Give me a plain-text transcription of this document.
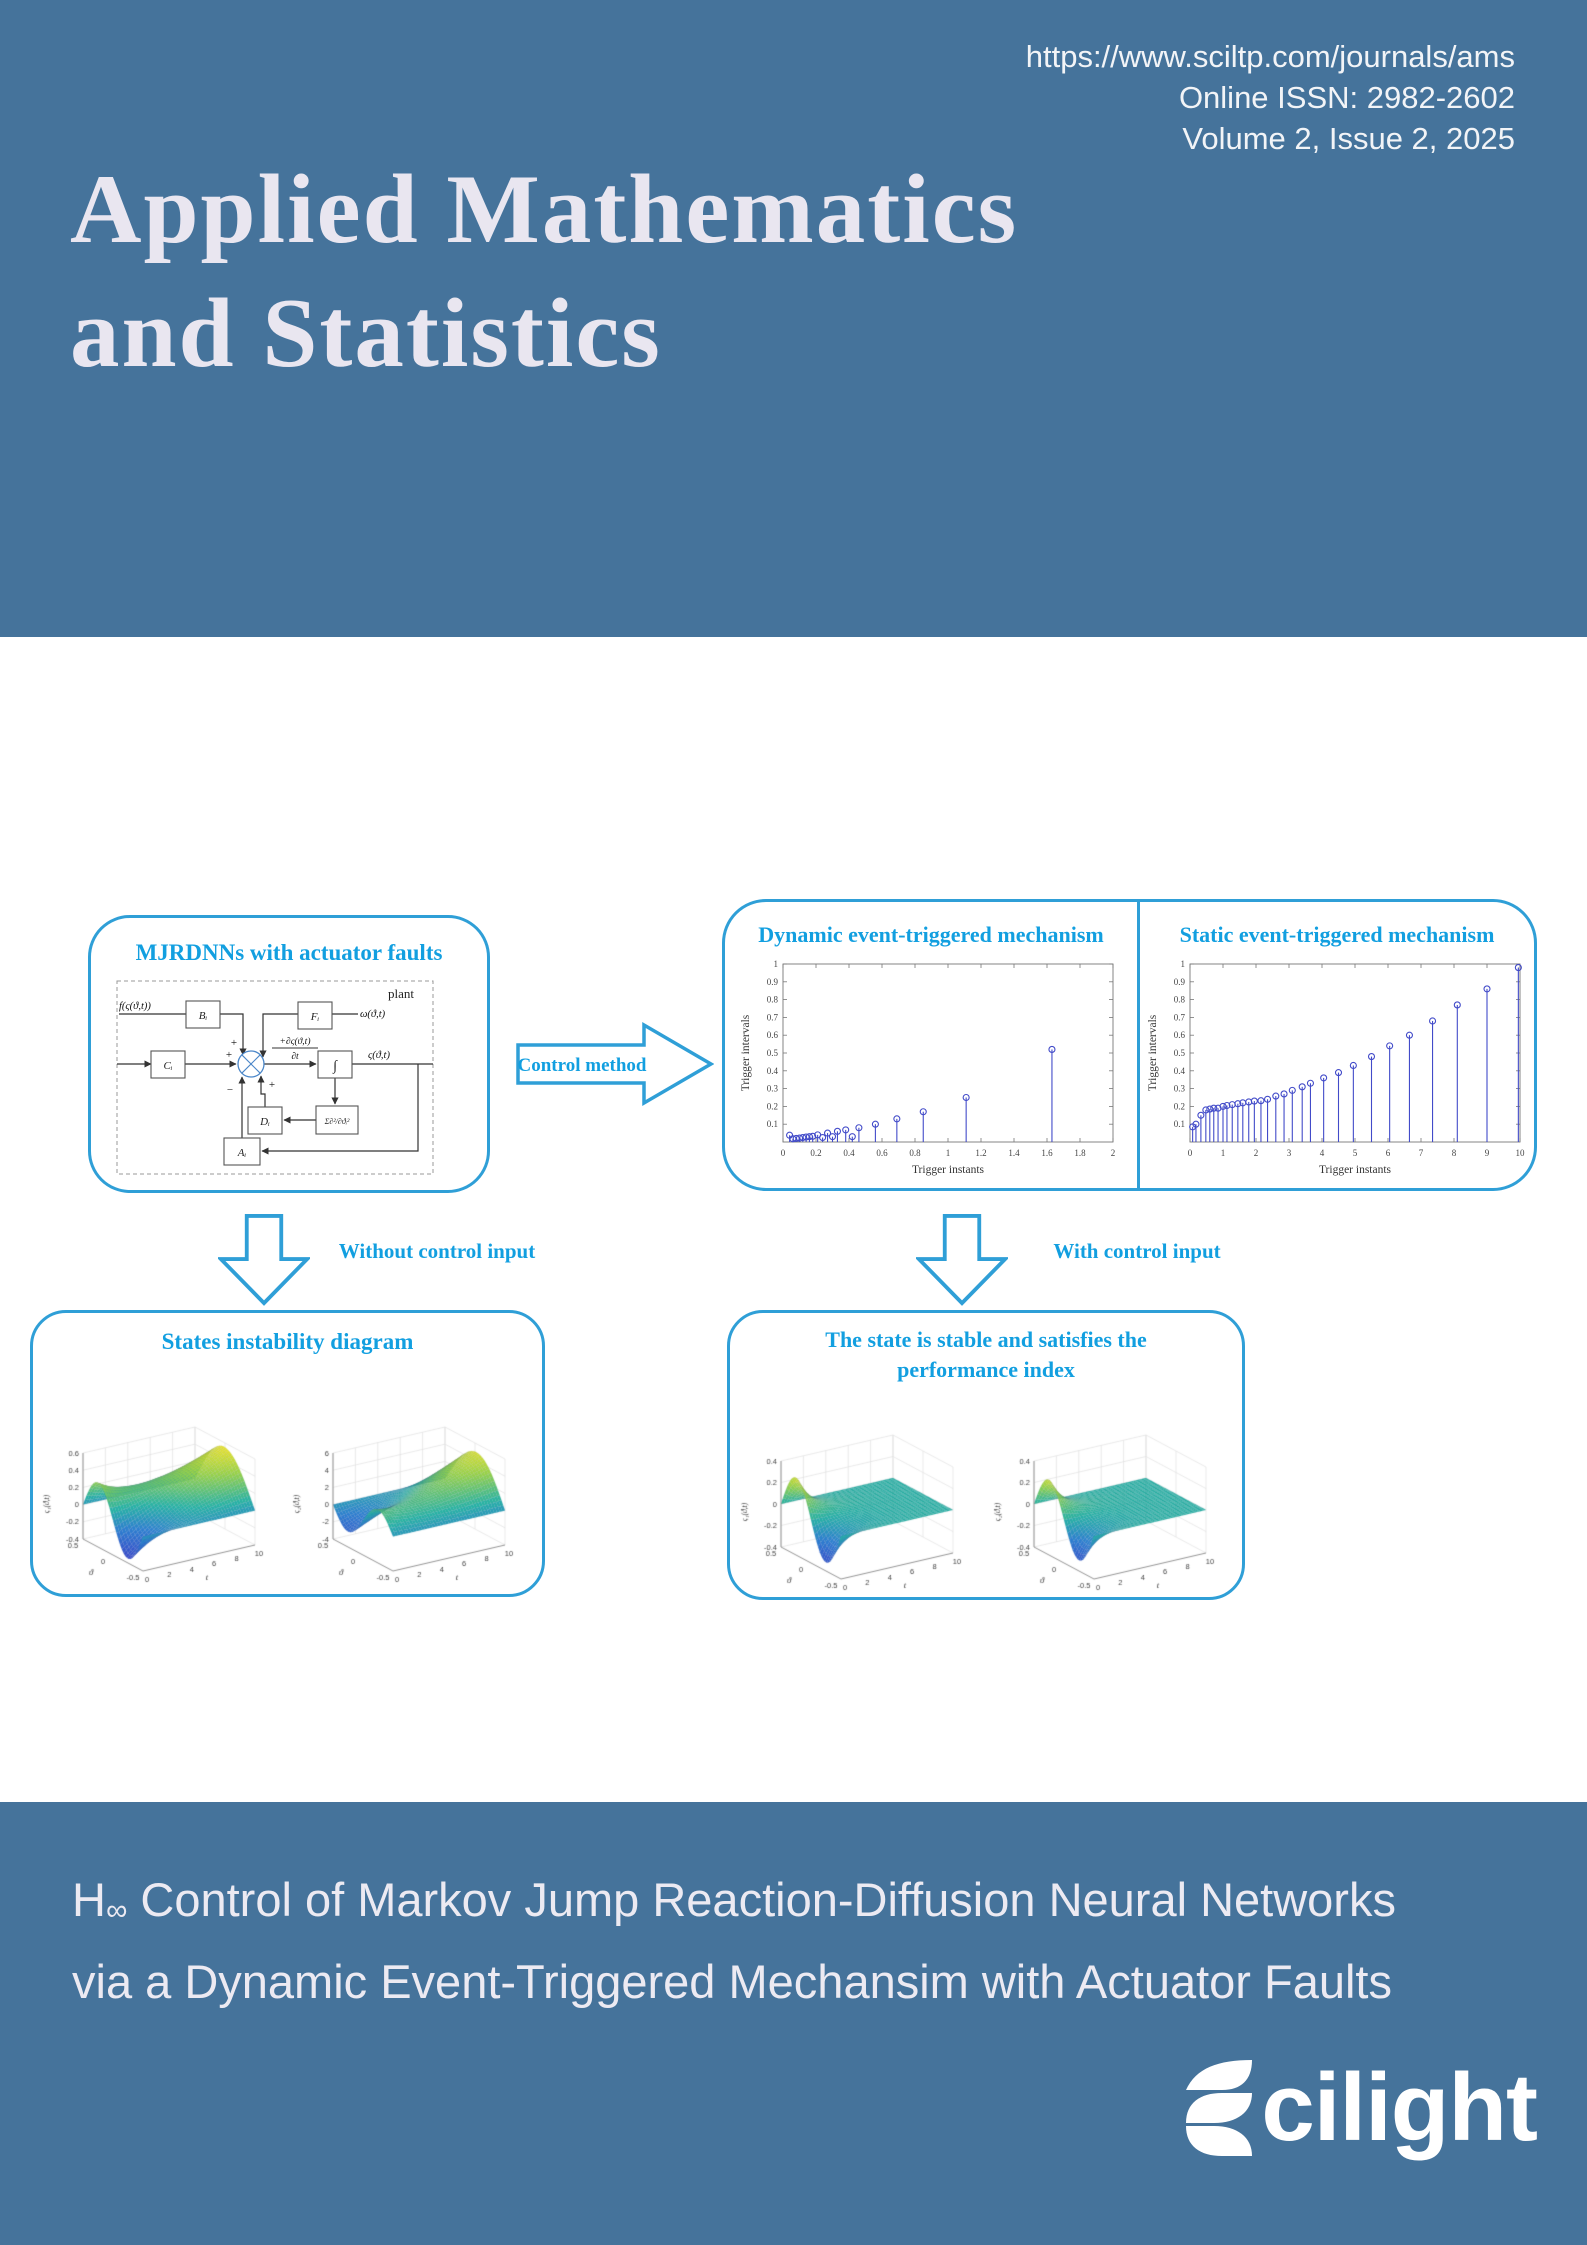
https://www.sciltp.com/journals/ams
Online ISSN: 2982-2602
Volume 2, Issue 2, 2025
Applied Mathematics
and Statistics
MJRDNNs with actuator faults
plant
Bᵢ	Fᵢ
Cᵢ	∫
Dᵢ
Aᵢ
Σ∂²/∂ϑᵢ²
f(ς(ϑ,t))
ω(ϑ,t)
+∂ς(ϑ,t)
∂t	ς(ϑ,t)
+
+
−	+
Control method
Dynamic event-triggered mechanism
0	0.2 0.4 0.6 0.8	1	1.2 1.4 1.6 1.8	2
0.1
0.2
0.3
0.4
0.5
0.6
0.7
0.8
0.9
1
Trigger instants
Trigger intervals
Static event-triggered mechanism
0	1	2	3	4	5	6	7	8	9	10
0.1
0.2
0.3
0.4
0.5
0.6
0.7
0.8
0.9
1
Trigger instants
Trigger intervals
Without control input	With control input
States instability diagram	The state is stable and satisfies the
performance index
H∞ Control of Markov Jump Reaction-Diffusion Neural Networks
via a Dynamic Event-Triggered Mechansim with Actuator Faults
cilight
